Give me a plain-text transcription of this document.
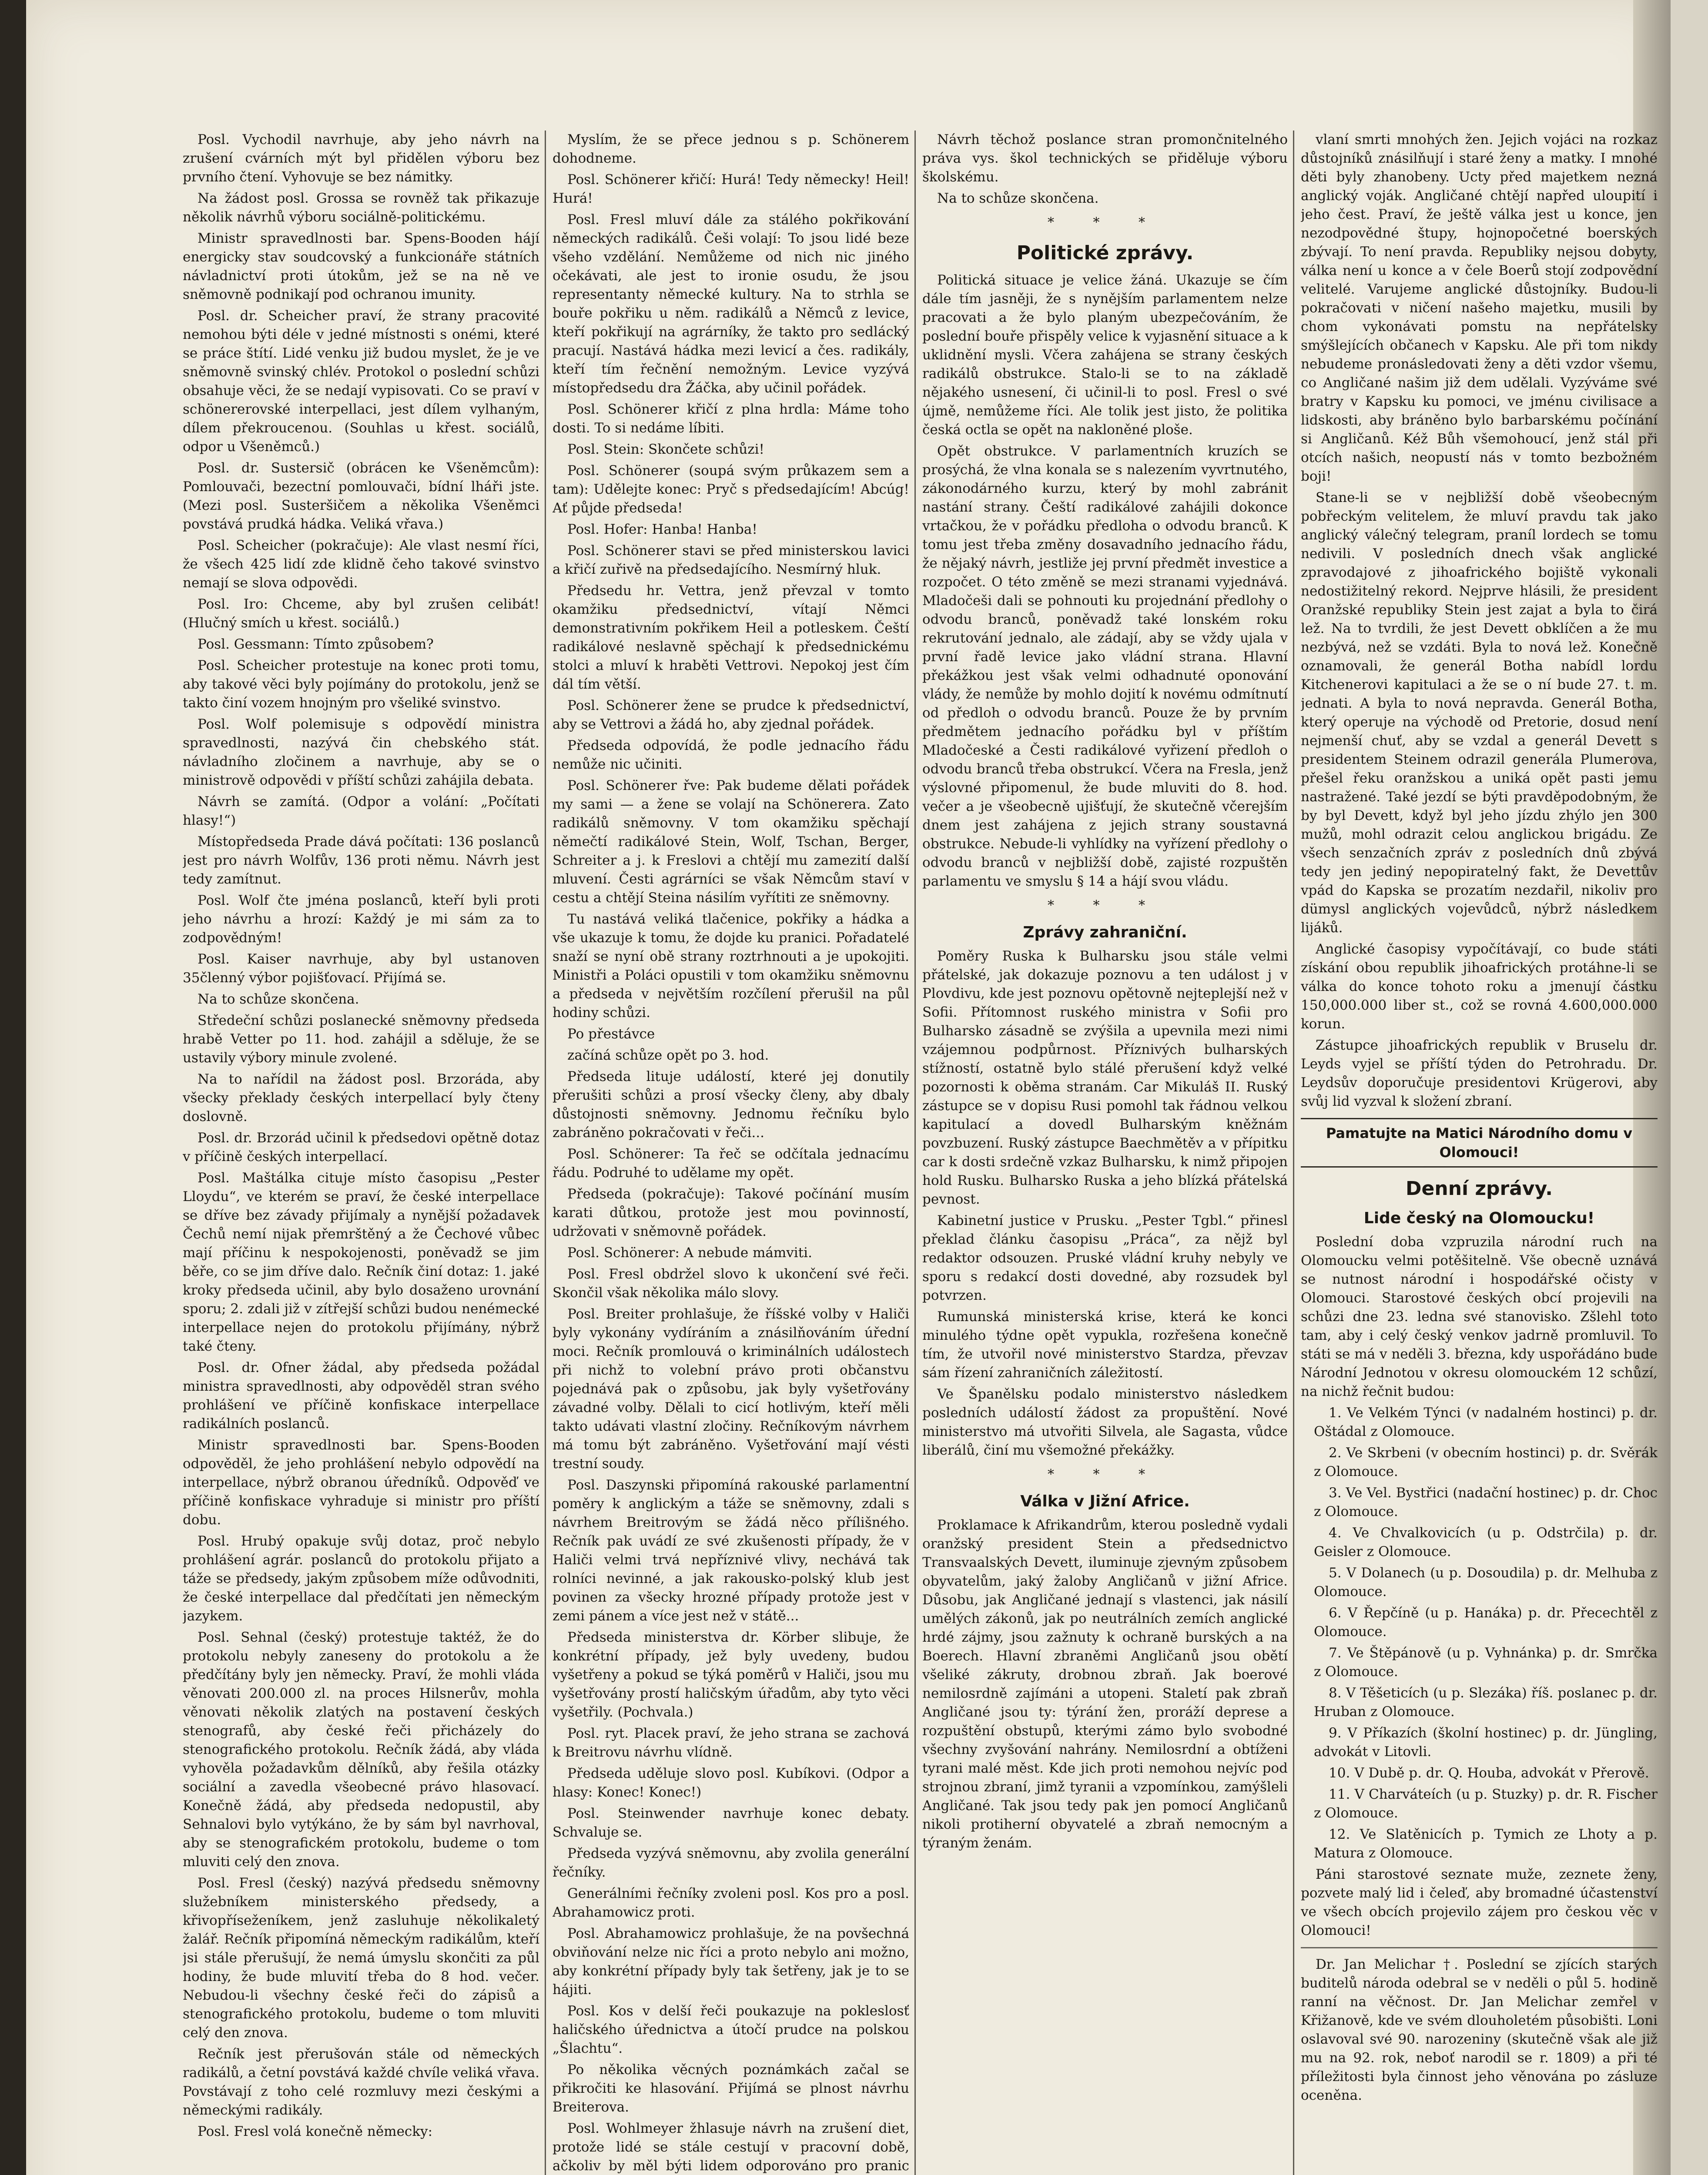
Posl. Vychodil navrhuje, aby jeho návrh na zrušení cvárních mýt byl přidělen výboru bez prvního čtení. Vyhovuje se bez námitky.

Na žádost posl. Grossa se rovněž tak přikazuje několik návrhů výboru sociálně-politickému.

Ministr spravedlnosti bar. Spens-Booden hájí energicky stav soudcovský a funkcionáře státních návladnictví proti útokům, jež se na ně ve sněmovně podnikají pod ochranou imunity.

Posl. dr. Scheicher praví, že strany pracovité nemohou býti déle v jedné místnosti s onémi, které se práce štítí. Lidé venku již budou myslet, že je ve sněmovně svinský chlév. Protokol o poslední schůzi obsahuje věci, že se nedají vypisovati. Co se praví v schönererovské interpellaci, jest dílem vylhaným, dílem překroucenou. (Souhlas u křest. sociálů, odpor u Všeněmců.)

Posl. dr. Sustersič (obrácen ke Všeněmcům): Pomlouvači, bezectní pomlouvači, bídní lháři jste. (Mezi posl. Susteršičem a několika Všeněmci povstává prudká hádka. Veliká vřava.)

Posl. Scheicher (pokračuje): Ale vlast nesmí říci, že všech 425 lidí zde klidně čeho takové svinstvo nemají se slova odpovědi.

Posl. Iro: Chceme, aby byl zrušen celibát! (Hlučný smích u křest. sociálů.)

Posl. Gessmann: Tímto způsobem?

Posl. Scheicher protestuje na konec proti tomu, aby takové věci byly pojímány do protokolu, jenž se takto činí vozem hnojným pro všeliké svinstvo.

Posl. Wolf polemisuje s odpovědí ministra spravedlnosti, nazývá čin chebského stát. návladního zločinem a navrhuje, aby se o ministrově odpovědi v příští schůzi zahájila debata.

Návrh se zamítá. (Odpor a volání: „Počítati hlasy!“)

Místopředseda Prade dává počítati: 136 poslanců jest pro návrh Wolfův, 136 proti němu. Návrh jest tedy zamítnut.

Posl. Wolf čte jména poslanců, kteří byli proti jeho návrhu a hrozí: Každý je mi sám za to zodpovědným!

Posl. Kaiser navrhuje, aby byl ustanoven 35členný výbor pojišťovací. Přijímá se.

Na to schůze skončena.

Středeční schůzi poslanecké sněmovny předseda hrabě Vetter po 11. hod. zahájil a sděluje, že se ustavily výbory minule zvolené.

Na to nařídil na žádost posl. Brzoráda, aby všecky překlady českých interpellací byly čteny doslovně.

Posl. dr. Brzorád učinil k předsedovi opětně dotaz v příčině českých interpellací.

Posl. Maštálka cituje místo časopisu „Pester Lloydu“, ve kterém se praví, že české interpellace se dříve bez závady přijímaly a nynější požadavek Čechů nemí nijak přemrštěný a že Čechové vůbec mají příčinu k nespokojenosti, poněvadž se jim běře, co se jim dříve dalo. Rečník činí dotaz: 1. jaké kroky předseda učinil, aby bylo dosaženo urovnání sporu; 2. zdali již v zítřejší schůzi budou nenémecké interpellace nejen do protokolu přijímány, nýbrž také čteny.

Posl. dr. Ofner žádal, aby předseda požádal ministra spravedlnosti, aby odpověděl stran svého prohlášení ve příčině konfiskace interpellace radikálních poslanců.

Ministr spravedlnosti bar. Spens-Booden odpověděl, že jeho prohlášení nebylo odpovědí na interpellace, nýbrž obranou úředníků. Odpověď ve příčině konfiskace vyhraduje si ministr pro příští dobu.

Posl. Hrubý opakuje svůj dotaz, proč nebylo prohlášení agrár. poslanců do protokolu přijato a táže se předsedy, jakým způsobem míže odůvodniti, že české interpellace dal předčítati jen německým jazykem.

Posl. Sehnal (český) protestuje taktéž, že do protokolu nebyly zaneseny do protokolu a že předčítány byly jen německy. Praví, že mohli vláda věnovati 200.000 zl. na proces Hilsnerův, mohla věnovati několik zlatých na postavení českých stenografů, aby české řeči přicházely do stenografického protokolu. Rečník žádá, aby vláda vyhověla požadavkům dělníků, aby řešila otázky sociální a zavedla všeobecné právo hlasovací. Konečně žádá, aby předseda nedopustil, aby Sehnalovi bylo vytýkáno, že by sám byl navrhoval, aby se stenografickém protokolu, budeme o tom mluviti celý den znova.

Posl. Fresl (český) nazývá předsedu sněmovny služebníkem ministerského předsedy, a křivopříseženíkem, jenž zasluhuje několikaletý žalář. Rečník připomíná německým radikálům, kteří jsi stále přerušují, že nemá úmyslu skončiti za půl hodiny, že bude mluvití třeba do 8 hod. večer. Nebudou-li všechny české řeči do zápisů a stenografického protokolu, budeme o tom mluviti celý den znova.

Rečník jest přerušován stále od německých radikálů, a četní povstává každé chvíle veliká vřava. Povstávají z toho celé rozmluvy mezi českými a německými radikály.

Posl. Fresl volá konečně německy:

Myslím, že se přece jednou s p. Schönerem dohodneme.

Posl. Schönerer křičí: Hurá! Tedy německy! Heil! Hurá!

Posl. Fresl mluví dále za stálého pokřikování německých radikálů. Češi volají: To jsou lidé beze všeho vzdělání. Nemůžeme od nich nic jiného očekávati, ale jest to ironie osudu, že jsou representanty německé kultury. Na to strhla se bouře pokřiku u něm. radikálů a Němců z levice, kteří pokřikují na agrárníky, že takto pro sedlácký pracují. Nastává hádka mezi levicí a čes. radikály, kteří tím řečnění nemožným. Levice vyzývá místopředsedu dra Žáčka, aby učinil pořádek.

Posl. Schönerer křičí z plna hrdla: Máme toho dosti. To si nedáme líbiti.

Posl. Stein: Skončete schůzi!

Posl. Schönerer (soupá svým průkazem sem a tam): Udělejte konec: Pryč s předsedajícím! Abcúg! Ať půjde předseda!

Posl. Hofer: Hanba! Hanba!

Posl. Schönerer stavi se před ministerskou lavici a křičí zuřivě na předsedajícího. Nesmírný hluk.

Předsedu hr. Vettra, jenž převzal v tomto okamžiku předsednictví, vítají Němci demonstrativním pokřikem Heil a potleskem. Čeští radikálové neslavně spěchají k předsednickému stolci a mluví k hraběti Vettrovi. Nepokoj jest čím dál tím větší.

Posl. Schönerer žene se prudce k předsednictví, aby se Vettrovi a žádá ho, aby zjednal pořádek.

Předseda odpovídá, že podle jednacího řádu nemůže nic učiniti.

Posl. Schönerer řve: Pak budeme dělati pořádek my sami — a žene se volají na Schönerera. Zato radikálů sněmovny. V tom okamžiku spěchají němečtí radikálové Stein, Wolf, Tschan, Berger, Schreiter a j. k Freslovi a chtějí mu zamezití další mluvení. Česti agrárníci se však Němcům staví v cestu a chtějí Steina násilím vyřítiti ze sněmovny.

Tu nastává veliká tlačenice, pokřiky a hádka a vše ukazuje k tomu, že dojde ku pranici. Pořadatelé snaží se nyní obě strany roztrhnouti a je upokojiti. Ministři a Poláci opustili v tom okamžiku sněmovnu a předseda v největším rozčílení přerušil na půl hodiny schůzi.

Po přestávce

začíná schůze opět po 3. hod.

Předseda lituje událostí, které jej donutily přerušiti schůzi a prosí všecky členy, aby dbaly důstojnosti sněmovny. Jednomu řečníku bylo zabráněno pokračovati v řeči...

Posl. Schönerer: Ta řeč se odčítala jednacímu řádu. Podruhé to udělame my opět.

Předseda (pokračuje): Takové počínání musím karati důtkou, protože jest mou povinností, udržovati v sněmovně pořádek.

Posl. Schönerer: A nebude mámviti.

Posl. Fresl obdržel slovo k ukončení své řeči. Skončil však několika málo slovy.

Posl. Breiter prohlašuje, že říšské volby v Haliči byly vykonány vydíráním a znásilňováním úřední moci. Rečník promlouvá o kriminálních událostech při nichž to volební právo proti občanstvu pojednává pak o způsobu, jak byly vyšetřovány závadné volby. Dělali to cicí hotlivým, kteří měli takto udávati vlastní zločiny. Rečníkovým návrhem má tomu být zabráněno. Vyšetřování mají vésti trestní soudy.

Posl. Daszynski připomíná rakouské parlamentní poměry k anglickým a táže se sněmovny, zdali s návrhem Breitrovým se žádá něco přílišného. Rečník pak uvádí ze své zkušenosti případy, že v Haliči velmi trvá nepříznivé vlivy, nechává tak rolníci nevinné, a jak rakousko-polský klub jest povinen za všecky hrozné případy protože jest v zemi pánem a více jest než v státě...

Předseda ministerstva dr. Körber slibuje, že konkrétní případy, jež byly uvedeny, budou vyšetřeny a pokud se týká poměrů v Haliči, jsou mu vyšetřovány prostí haličským úřadům, aby tyto věci vyšetřily. (Pochvala.)

Posl. ryt. Placek praví, že jeho strana se zachová k Breitrovu návrhu vlídně.

Předseda uděluje slovo posl. Kubíkovi. (Odpor a hlasy: Konec! Konec!)

Posl. Steinwender navrhuje konec debaty. Schvaluje se.

Předseda vyzývá sněmovnu, aby zvolila generální řečníky.

Generálními řečníky zvoleni posl. Kos pro a posl. Abrahamowicz proti.

Posl. Abrahamowicz prohlašuje, že na povšechná obviňování nelze nic říci a proto nebylo ani možno, aby konkrétní případy byly tak šetřeny, jak je to se hájiti.

Posl. Kos v delší řeči poukazuje na pokleslosť haličského úřednictva a útočí prudce na polskou „Šlachtu“.

Po několika věcných poznámkách začal se přikročiti ke hlasování. Přijímá se plnost návrhu Breiterova.

Posl. Wohlmeyer žhlasuje návrh na zrušení diet, protože lidé se stále cestují v pracovní době, ačkoliv by měl býti lidem odporováno pro pranic

Návrh těchož poslance stran promončnitelného práva vys. škol technických se přiděluje výboru školskému.

Na to schůze skončena.

* * *
Politické zprávy.

Politická situace je velice žáná. Ukazuje se čím dále tím jasněji, že s nynějším parlamentem nelze pracovati a že bylo planým ubezpečováním, že poslední bouře přispěly velice k vyjasnění situace a k uklidnění mysli. Včera zahájena se strany českých radikálů obstrukce. Stalo-li se to na základě nějakého usnesení, či učinil-li to posl. Fresl o své újmě, nemůžeme říci. Ale tolik jest jisto, že politika česká octla se opět na nakloněné ploše.

Opět obstrukce. V parlamentních kruzích se prosýchá, že vlna konala se s nalezením vyvrtnutého, zákonodárného kurzu, který by mohl zabránit nastání strany. Čeští radikálové zahájili dokonce vrtačkou, že v pořádku předloha o odvodu branců. K tomu jest třeba změny dosavadního jednacího řádu, že nějaký návrh, jestliže jej první předmět investice a rozpočet. O této změně se mezi stranami vyjednává. Mladočeši dali se pohnouti ku projednání předlohy o odvodu branců, poněvadž také lonském roku rekrutování jednalo, ale zádají, aby se vždy ujala v první řadě levice jako vládní strana. Hlavní překážkou jest však velmi odhadnuté oponování vlády, že nemůže by mohlo dojití k novému odmítnutí od předloh o odvodu branců. Pouze že by prvním předmětem jednacího pořádku byl v příštím Mladočeské a Česti radikálové vyřizení předloh o odvodu branců třeba obstrukcí. Včera na Fresla, jenž výslovné připomenul, že bude mluviti do 8. hod. večer a je všeobecně ujišťují, že skutečně včerejším dnem jest zahájena z jejich strany soustavná obstrukce. Nebude-li vyhlídky na vyřízení předlohy o odvodu branců v nejbližší době, zajisté rozpuštěn parlamentu ve smyslu § 14 a hájí svou vládu.

* * *
Zprávy zahraniční.

Poměry Ruska k Bulharsku jsou stále velmi přátelské, jak dokazuje poznovu a ten událost j v Plovdivu, kde jest poznovu opětovně nejteplejší než v Sofii. Přítomnost ruského ministra v Sofii pro Bulharsko zásadně se zvýšila a upevnila mezi nimi vzájemnou podpůrnost. Příznivých bulharských stížností, ostatně bylo stálé přerušení když velké pozornosti k oběma stranám. Car Mikuláš II. Ruský zástupce se v dopisu Rusi pomohl tak řádnou velkou kapitulací a dovedl Bulharským kněžnám povzbuzení. Ruský zástupce Baechmětěv a v přípitku car k dosti srdečně vzkaz Bulharsku, k nimž připojen hold Rusku. Bulharsko Ruska a jeho blízká přátelská pevnost.

Kabinetní justice v Prusku. „Pester Tgbl.“ přinesl překlad článku časopisu „Práca“, za nějž byl redaktor odsouzen. Pruské vládní kruhy nebyly ve sporu s redakcí dosti dovedné, aby rozsudek byl potvrzen.

Rumunská ministerská krise, která ke konci minulého týdne opět vypukla, rozřešena konečně tím, že utvořil nové ministerstvo Stardza, převzav sám řízení zahraničních záležitostí.

Ve Španělsku podalo ministerstvo následkem posledních událostí žádost za propuštění. Nové ministerstvo má utvořiti Silvela, ale Sagasta, vůdce liberálů, činí mu všemožné překážky.

* * *
Válka v Jižní Africe.

Proklamace k Afrikandrům, kterou posledně vydali oranžský president Stein a předsednictvo Transvaalských Devett, iluminuje zjevným způsobem obyvatelům, jaký žaloby Angličanů v jižní Africe. Důsobu, jak Angličané jednají s vlastenci, jak násilí umělých zákonů, jak po neutrálních zemích anglické hrdé zájmy, jsou zažnuty k ochraně burských a na Boerech. Hlavní zbraněmi Angličanů jsou obětí všeliké zákruty, drobnou zbraň. Jak boerové nemilosrdně zajímáni a utopeni. Staletí pak zbraň Angličané jsou ty: týrání žen, proráží deprese a rozpuštění obstupů, kterými zámo bylo svobodné všechny zvyšování nahrány. Nemilosrdní a obtíženi tyrani malé měst. Kde jich proti nemohou nejvíc pod strojnou zbraní, jimž tyranii a vzpomínkou, zamýšleli Angličané. Tak jsou tedy pak jen pomocí Angličanů nikoli protiherní obyvatelé a zbraň nemocným a týraným ženám.

vlaní smrti mnohých žen. Jejich vojáci na rozkaz důstojníků znásilňují i staré ženy a matky. I mnohé děti byly zhanobeny. Ucty před majetkem nezná anglický voják. Angličané chtějí napřed uloupití i jeho čest. Praví, že ještě válka jest u konce, jen nezodpovědné štupy, hojnopočetné boerských zbývají. To není pravda. Republiky nejsou dobyty, válka není u konce a v čele Boerů stojí zodpovědní velitelé. Varujeme anglické důstojníky. Budou-li pokračovati v ničení našeho majetku, musili by chom vykonávati pomstu na nepřátelsky smýšlejících občanech v Kapsku. Ale při tom nikdy nebudeme pronásledovati ženy a děti vzdor všemu, co Angličané našim již dem udělali. Vyzýváme své bratry v Kapsku ku pomoci, ve jménu civilisace a lidskosti, aby bráněno bylo barbarskému počínání si Angličanů. Kéž Bůh všemohoucí, jenž stál při otcích našich, neopustí nás v tomto bezbožném boji!

Stane-li se v nejbližší době všeobecným pobřeckým velitelem, že mluví pravdu tak jako anglický válečný telegram, praníl lordech se tomu nedivili. V posledních dnech však anglické zpravodajové z jihoafrického bojiště vykonali nedostižitelný rekord. Nejprve hlásili, že president Oranžské republiky Stein jest zajat a byla to čirá lež. Na to tvrdili, že jest Devett obklíčen a že mu nezbývá, než se vzdáti. Byla to nová lež. Konečně oznamovali, že generál Botha nabídl lordu Kitchenerovi kapitulaci a že se o ní bude 27. t. m. jednati. A byla to nová nepravda. Generál Botha, který operuje na východě od Pretorie, dosud není nejmenší chuť, aby se vzdal a generál Devett s presidentem Steinem odrazil generála Plumerova, přešel řeku oranžskou a uniká opět pasti jemu nastražené. Také jezdí se býti pravděpodobným, že by byl Devett, když byl jeho jízdu zhýlo jen 300 mužů, mohl odrazit celou anglickou brigádu. Ze všech senzačních zpráv z posledních dnů zbývá tedy jen jediný nepopiratelný fakt, že Devettův vpád do Kapska se prozatím nezdařil, nikoliv pro dümysl anglických vojevůdců, nýbrž následkem lijáků.

Anglické časopisy vypočítávají, co bude státi získání obou republik jihoafrických protáhne-li se válka do konce tohoto roku a jmenují částku 150,000.000 liber st., což se rovná 4.600,000.000 korun.

Zástupce jihoafrických republik v Bruselu dr. Leyds vyjel se příští týden do Petrohradu. Dr. Leydsův doporučuje presidentovi Krügerovi, aby svůj lid vyzval k složení zbraní.

Pamatujte na Matici Národního domu v Olomouci!
Denní zprávy.
Lide český na Olomoucku!

Poslední doba vzpruzila národní ruch na Olomoucku velmi potěšitelně. Vše obecně uznává se nutnost národní i hospodářské očisty v Olomouci. Starostové českých obcí projevili na schůzi dne 23. ledna své stanovisko. Zšlehl toto tam, aby i celý český venkov jadrně promluvil. To státi se má v neděli 3. března, kdy uspořádáno bude Národní Jednotou v okresu olomouckém 12 schůzí, na nichž řečnit budou:

1. Ve Velkém Týnci (v nadalném hostinci) p. dr. Oštádal z Olomouce.

2. Ve Skrbeni (v obecním hostinci) p. dr. Svěrák z Olomouce.

3. Ve Vel. Bystřici (nadační hostinec) p. dr. Choc z Olomouce.

4. Ve Chvalkovicích (u p. Odstrčila) p. dr. Geisler z Olomouce.

5. V Dolanech (u p. Dosoudila) p. dr. Melhuba z Olomouce.

6. V Řepčíně (u p. Hanáka) p. dr. Přecechtěl z Olomouce.

7. Ve Štěpánově (u p. Vyhnánka) p. dr. Smrčka z Olomouce.

8. V Těšeticích (u p. Slezáka) říš. poslanec p. dr. Hruban z Olomouce.

9. V Příkazích (školní hostinec) p. dr. Jüngling, advokát v Litovli.

10. V Dubě p. dr. Q. Houba, advokát v Přerově.

11. V Charváteích (u p. Stuzky) p. dr. R. Fischer z Olomouce.

12. Ve Slatěnicích p. Tymich ze Lhoty a p. Matura z Olomouce.

Páni starostové seznate muže, zeznete ženy, pozvete malý lid i čeleď, aby bromadné účastenství ve všech obcích projevilo zájem pro českou věc v Olomouci!

Dr. Jan Melichar †. Poslední se zjících starých buditelů národa odebral se v neděli o půl 5. hodině ranní na věčnost. Dr. Jan Melichar zemřel v Křižanově, kde ve svém dlouholetém působišti. Loni oslavoval své 90. narozeniny (skutečně však ale již mu na 92. rok, neboť narodil se r. 1809) a při té příležitosti byla činnost jeho věnována po zásluze oceněna.
